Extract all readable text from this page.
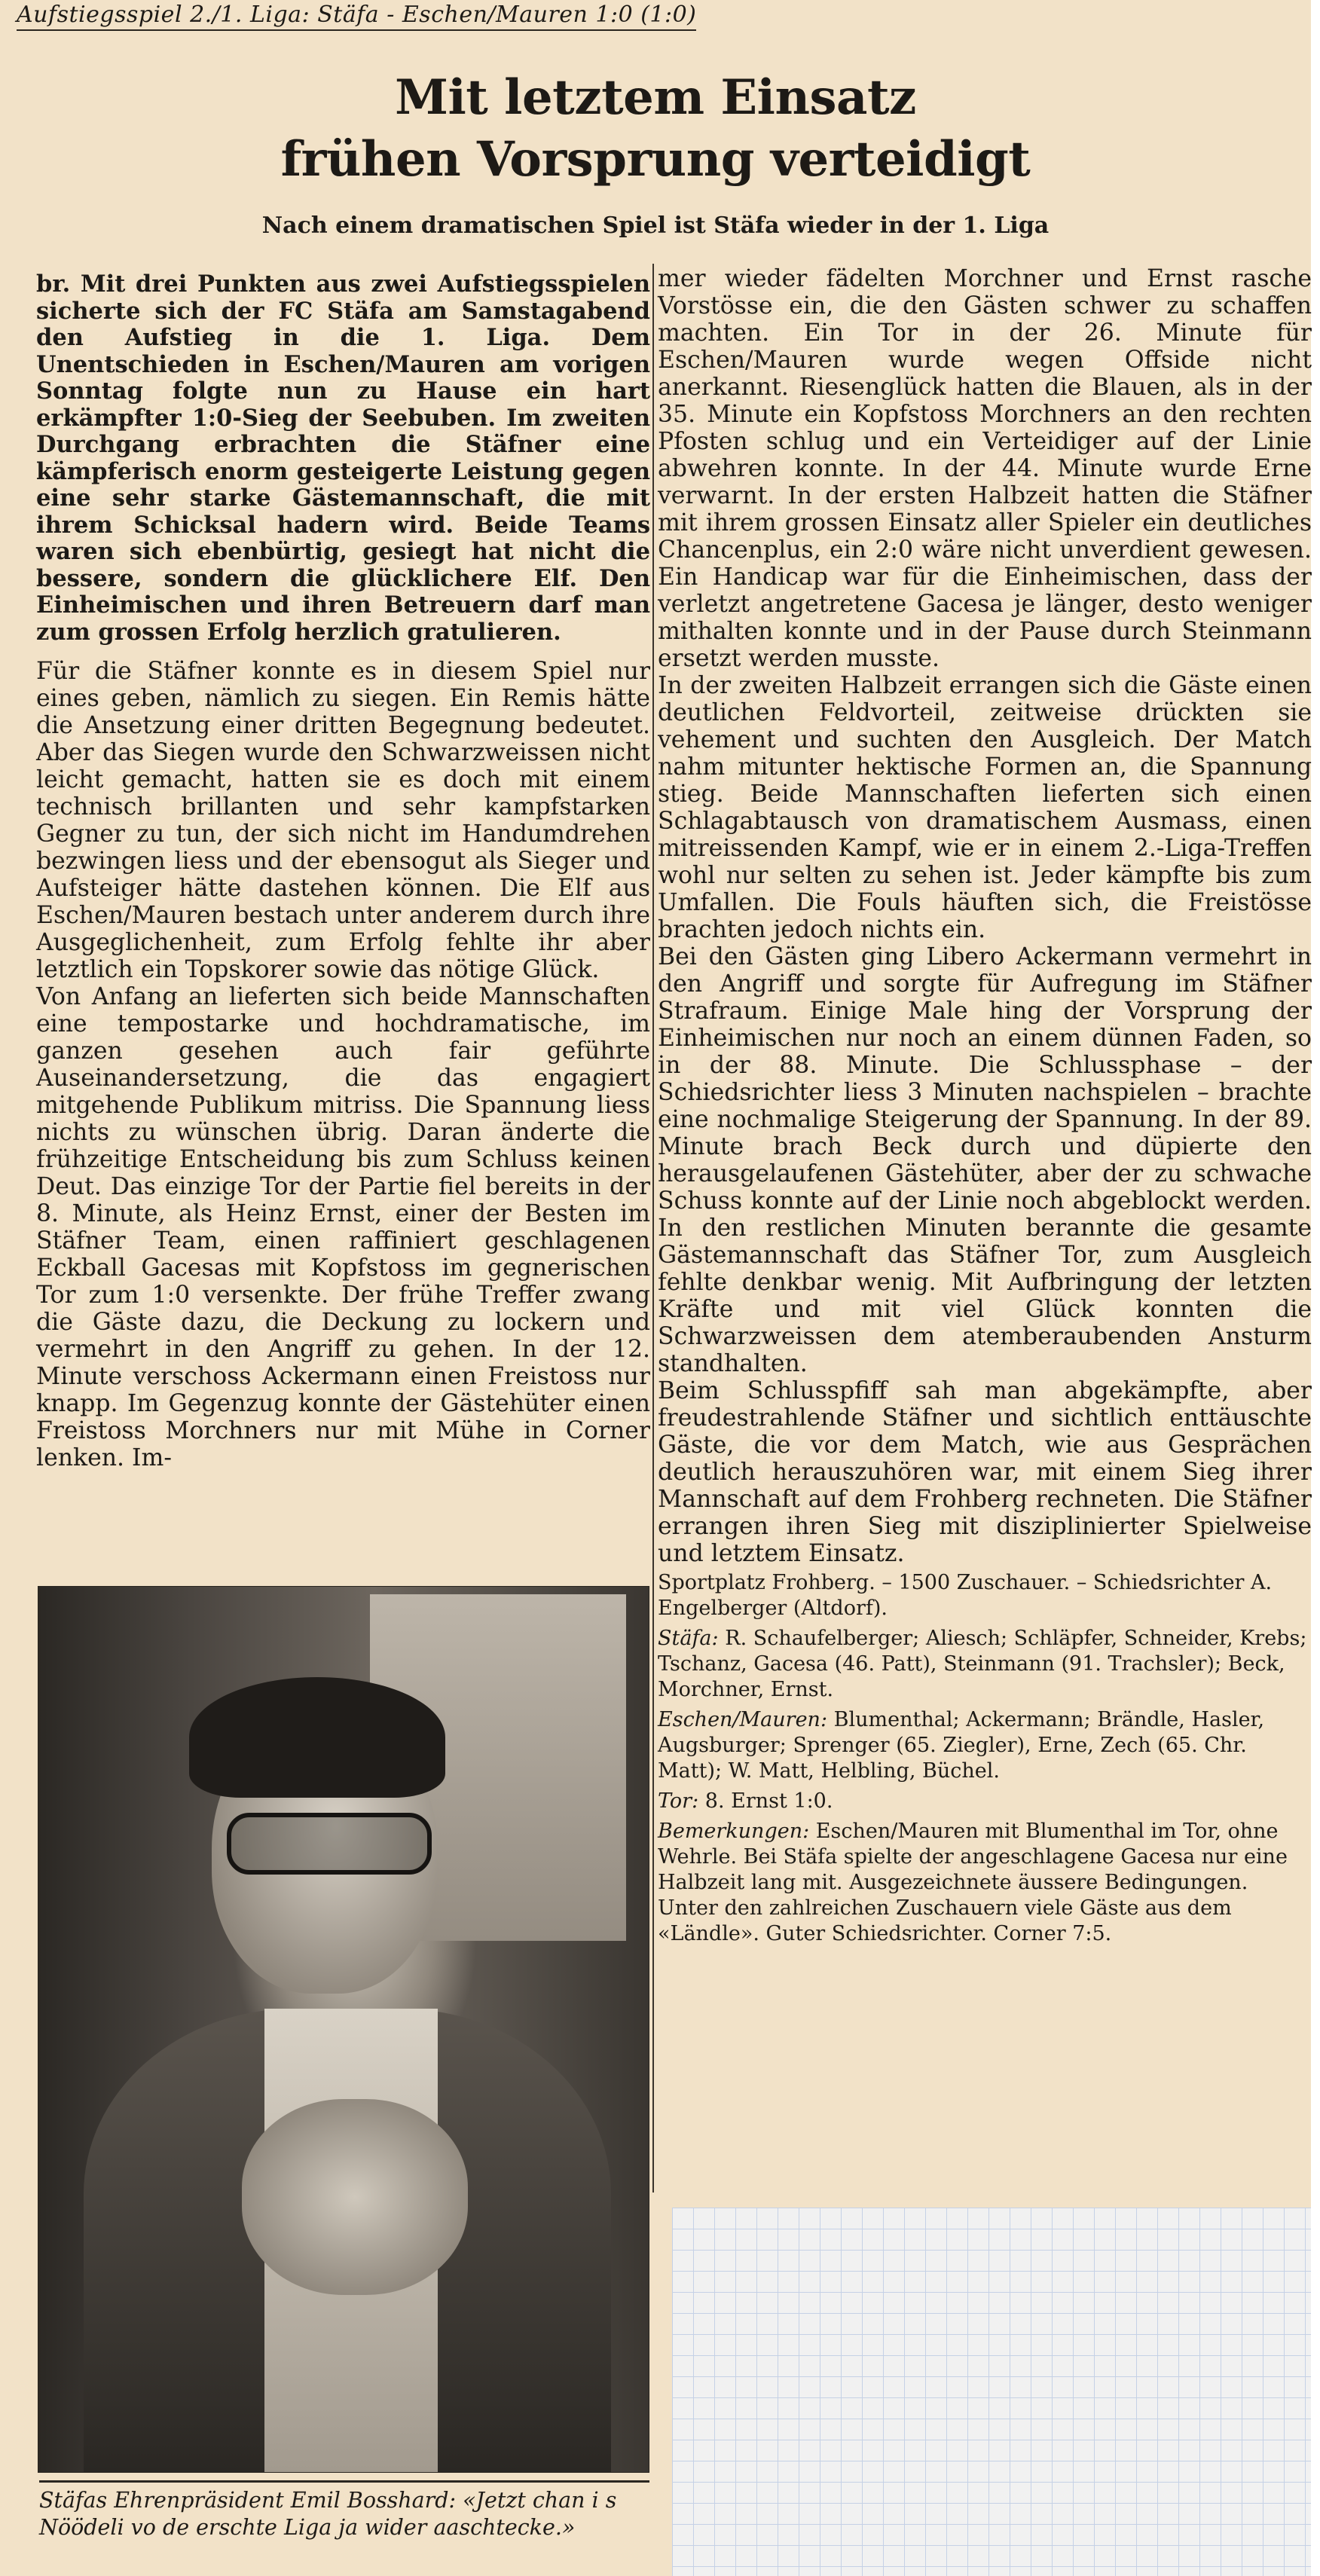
Aufstiegsspiel 2./1. Liga: Stäfa - Eschen/Mauren 1:0 (1:0)
Mit letztem Einsatz
frühen Vorsprung verteidigt
Nach einem dramatischen Spiel ist Stäfa wieder in der 1. Liga

br. Mit drei Punkten aus zwei Aufstiegsspielen sicherte sich der FC Stäfa am Samstagabend den Aufstieg in die 1. Liga. Dem Unentschieden in Eschen/Mauren am vorigen Sonntag folgte nun zu Hause ein hart erkämpfter 1:0-Sieg der Seebuben. Im zweiten Durchgang erbrachten die Stäfner eine kämpferisch enorm gesteigerte Leistung gegen eine sehr starke Gästemannschaft, die mit ihrem Schicksal hadern wird. Beide Teams waren sich ebenbürtig, gesiegt hat nicht die bessere, sondern die glücklichere Elf. Den Einheimischen und ihren Betreuern darf man zum grossen Erfolg herzlich gratulieren.

Für die Stäfner konnte es in diesem Spiel nur eines geben, nämlich zu siegen. Ein Remis hätte die Ansetzung einer dritten Begegnung bedeutet. Aber das Siegen wurde den Schwarzweissen nicht leicht gemacht, hatten sie es doch mit einem technisch brillanten und sehr kampfstarken Gegner zu tun, der sich nicht im Handumdrehen bezwingen liess und der ebensogut als Sieger und Aufsteiger hätte dastehen können. Die Elf aus Eschen/Mauren bestach unter anderem durch ihre Ausgeglichenheit, zum Erfolg fehlte ihr aber letztlich ein Topskorer sowie das nötige Glück.

Von Anfang an lieferten sich beide Mannschaften eine tempostarke und hochdramatische, im ganzen gesehen auch fair geführte Auseinandersetzung, die das engagiert mitgehende Publikum mitriss. Die Spannung liess nichts zu wünschen übrig. Daran änderte die frühzeitige Entscheidung bis zum Schluss keinen Deut. Das einzige Tor der Partie fiel bereits in der 8. Minute, als Heinz Ernst, einer der Besten im Stäfner Team, einen raffiniert geschlagenen Eckball Gacesas mit Kopfstoss im gegnerischen Tor zum 1:0 versenkte. Der frühe Treffer zwang die Gäste dazu, die Deckung zu lockern und vermehrt in den Angriff zu gehen. In der 12. Minute verschoss Ackermann einen Freistoss nur knapp. Im Gegenzug konnte der Gästehüter einen Freistoss Morchners nur mit Mühe in Corner lenken. Im-

Stäfas Ehrenpräsident Emil Bosshard: «Jetzt chan i s Nöödeli vo de erschte Liga ja wider aaschtecke.»

mer wieder fädelten Morchner und Ernst rasche Vorstösse ein, die den Gästen schwer zu schaffen machten. Ein Tor in der 26. Minute für Eschen/Mauren wurde wegen Offside nicht anerkannt. Riesenglück hatten die Blauen, als in der 35. Minute ein Kopfstoss Morchners an den rechten Pfosten schlug und ein Verteidiger auf der Linie abwehren konnte. In der 44. Minute wurde Erne verwarnt. In der ersten Halbzeit hatten die Stäfner mit ihrem grossen Einsatz aller Spieler ein deutliches Chancenplus, ein 2:0 wäre nicht unverdient gewesen. Ein Handicap war für die Einheimischen, dass der verletzt angetretene Gacesa je länger, desto weniger mithalten konnte und in der Pause durch Steinmann ersetzt werden musste.

In der zweiten Halbzeit errangen sich die Gäste einen deutlichen Feldvorteil, zeitweise drückten sie vehement und suchten den Ausgleich. Der Match nahm mitunter hektische Formen an, die Spannung stieg. Beide Mannschaften lieferten sich einen Schlagabtausch von dramatischem Ausmass, einen mitreissenden Kampf, wie er in einem 2.-Liga-Treffen wohl nur selten zu sehen ist. Jeder kämpfte bis zum Umfallen. Die Fouls häuften sich, die Freistösse brachten jedoch nichts ein.

Bei den Gästen ging Libero Ackermann vermehrt in den Angriff und sorgte für Aufregung im Stäfner Strafraum. Einige Male hing der Vorsprung der Einheimischen nur noch an einem dünnen Faden, so in der 88. Minute. Die Schlussphase – der Schiedsrichter liess 3 Minuten nachspielen – brachte eine nochmalige Steigerung der Spannung. In der 89. Minute brach Beck durch und düpierte den herausgelaufenen Gästehüter, aber der zu schwache Schuss konnte auf der Linie noch abgeblockt werden. In den restlichen Minuten berannte die gesamte Gästemannschaft das Stäfner Tor, zum Ausgleich fehlte denkbar wenig. Mit Aufbringung der letzten Kräfte und mit viel Glück konnten die Schwarzweissen dem atemberaubenden Ansturm standhalten.

Beim Schlusspfiff sah man abgekämpfte, aber freudestrahlende Stäfner und sichtlich enttäuschte Gäste, die vor dem Match, wie aus Gesprächen deutlich herauszuhören war, mit einem Sieg ihrer Mannschaft auf dem Frohberg rechneten. Die Stäfner errangen ihren Sieg mit disziplinierter Spielweise und letztem Einsatz.

Sportplatz Frohberg. – 1500 Zuschauer. – Schiedsrichter A. Engelberger (Altdorf).

Stäfa: R. Schaufelberger; Aliesch; Schläpfer, Schneider, Krebs; Tschanz, Gacesa (46. Patt), Steinmann (91. Trachsler); Beck, Morchner, Ernst.

Eschen/Mauren: Blumenthal; Ackermann; Brändle, Hasler, Augsburger; Sprenger (65. Ziegler), Erne, Zech (65. Chr. Matt); W. Matt, Helbling, Büchel.

Tor: 8. Ernst 1:0.

Bemerkungen: Eschen/Mauren mit Blumenthal im Tor, ohne Wehrle. Bei Stäfa spielte der angeschlagene Gacesa nur eine Halbzeit lang mit. Ausgezeichnete äussere Bedingungen. Unter den zahlreichen Zuschauern viele Gäste aus dem «Ländle». Guter Schiedsrichter. Corner 7:5.
